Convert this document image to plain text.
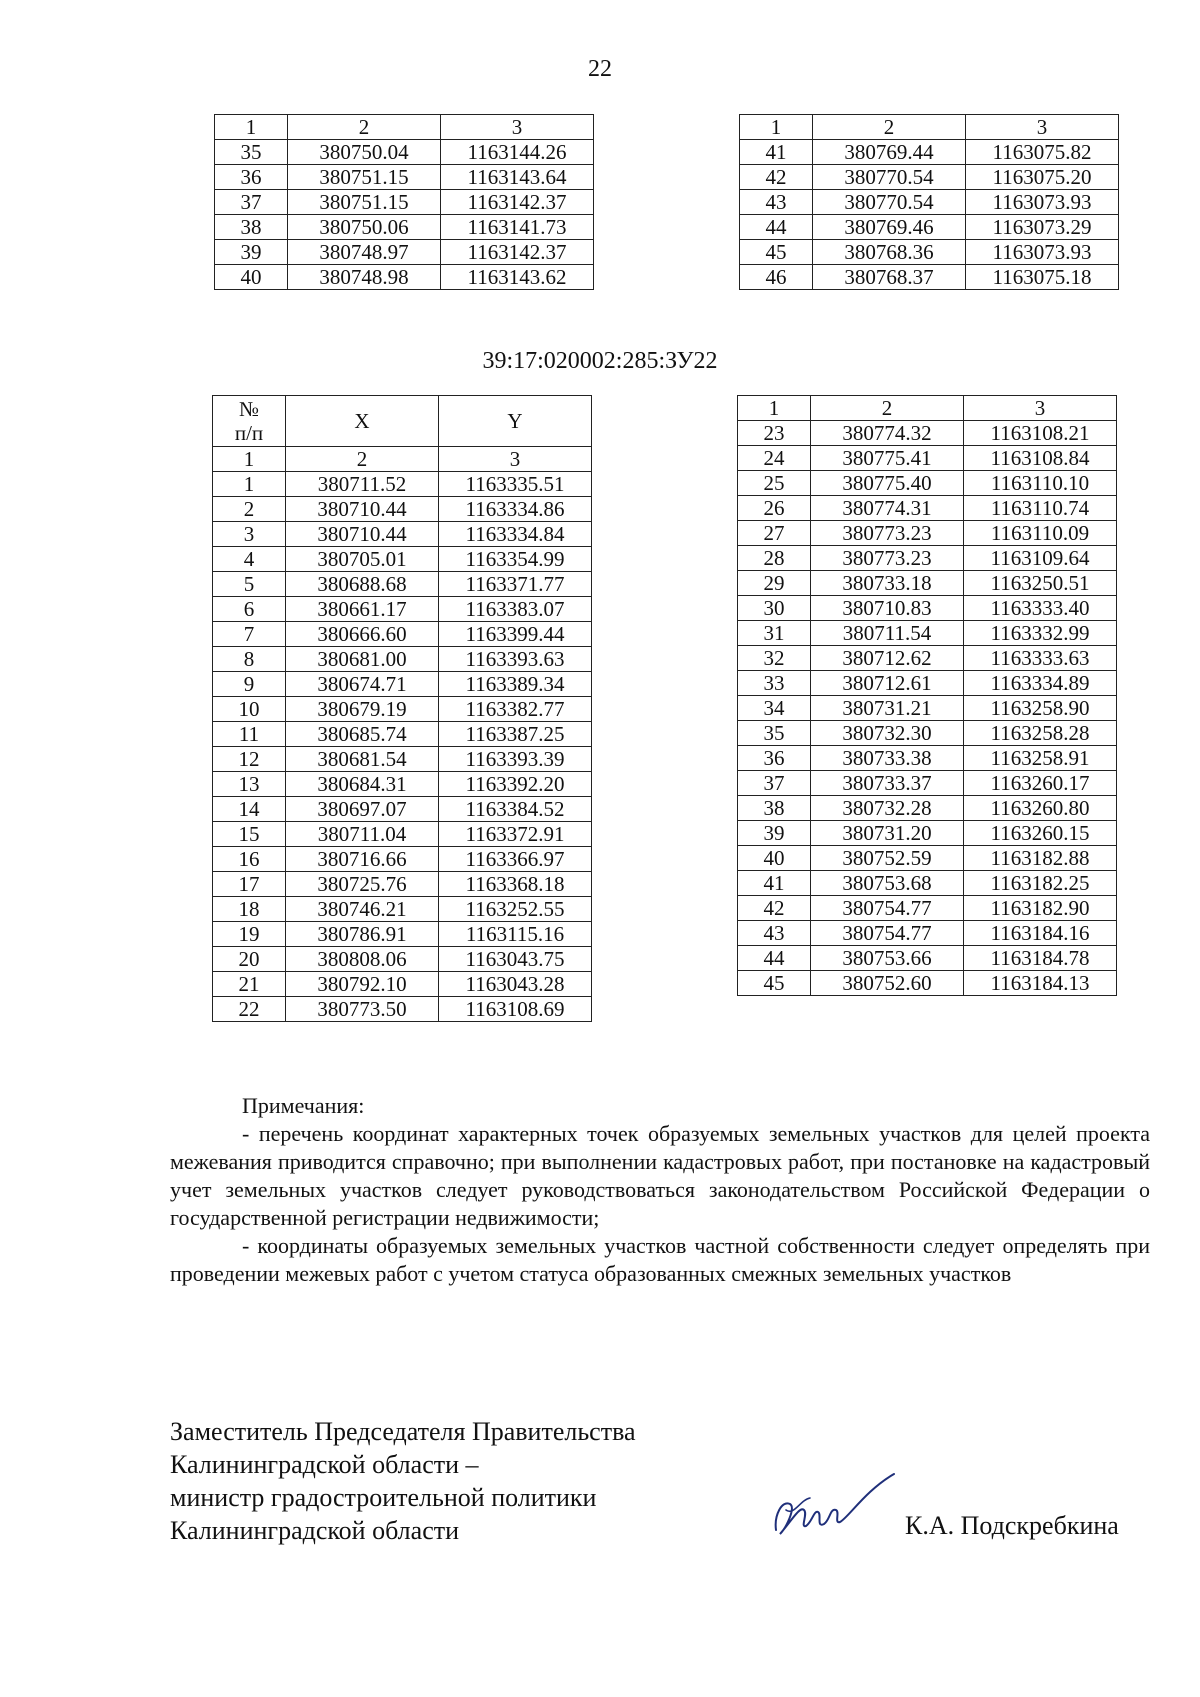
22
1	2	3
35	380750.04	1163144.26
36	380751.15	1163143.64
37	380751.15	1163142.37
38	380750.06	1163141.73
39	380748.97	1163142.37
40	380748.98	1163143.62
1	2	3
41	380769.44	1163075.82
42	380770.54	1163075.20
43	380770.54	1163073.93
44	380769.46	1163073.29
45	380768.36	1163073.93
46	380768.37	1163075.18
39:17:020002:285:ЗУ22
№
п/п	X	Y
1	2	3
1	380711.52	1163335.51
2	380710.44	1163334.86
3	380710.44	1163334.84
4	380705.01	1163354.99
5	380688.68	1163371.77
6	380661.17	1163383.07
7	380666.60	1163399.44
8	380681.00	1163393.63
9	380674.71	1163389.34
10	380679.19	1163382.77
11	380685.74	1163387.25
12	380681.54	1163393.39
13	380684.31	1163392.20
14	380697.07	1163384.52
15	380711.04	1163372.91
16	380716.66	1163366.97
17	380725.76	1163368.18
18	380746.21	1163252.55
19	380786.91	1163115.16
20	380808.06	1163043.75
21	380792.10	1163043.28
22	380773.50	1163108.69
1	2	3
23	380774.32	1163108.21
24	380775.41	1163108.84
25	380775.40	1163110.10
26	380774.31	1163110.74
27	380773.23	1163110.09
28	380773.23	1163109.64
29	380733.18	1163250.51
30	380710.83	1163333.40
31	380711.54	1163332.99
32	380712.62	1163333.63
33	380712.61	1163334.89
34	380731.21	1163258.90
35	380732.30	1163258.28
36	380733.38	1163258.91
37	380733.37	1163260.17
38	380732.28	1163260.80
39	380731.20	1163260.15
40	380752.59	1163182.88
41	380753.68	1163182.25
42	380754.77	1163182.90
43	380754.77	1163184.16
44	380753.66	1163184.78
45	380752.60	1163184.13

Примечания:

- перечень координат характерных точек образуемых земельных участков для целей проекта межевания приводится справочно; при выполнении кадастровых работ, при постановке на кадастровый учет земельных участков следует руководствоваться законодательством Российской Федерации о государственной регистрации недвижимости;

- координаты образуемых земельных участков частной собственности следует определять при проведении межевых работ с учетом статуса образованных смежных земельных участков

Заместитель Председателя Правительства
Калининградской области –
министр градостроительной политики
Калининградской области	К.А. Подскребкина
